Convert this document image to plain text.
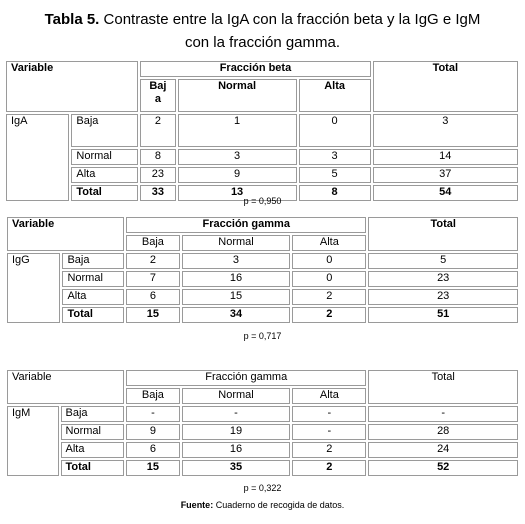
Tabla 5. Contraste entre la IgA con la fracción beta y la IgG e IgM
con la fracción gamma.
Variable		Fracción beta			Total
		Baj
a	Normal	Alta	
IgA	Baja	2	1	0	3
	Normal	8	3	3	14
	Alta	23	9	5	37
	Total	33	13	8	54
p = 0,950
Variable		Fracción gamma			Total
		Baja	Normal	Alta	
IgG	Baja	2	3	0	5
	Normal	7	16	0	23
	Alta	6	15	2	23
	Total	15	34	2	51
p = 0,717
Variable		Fracción gamma			Total
		Baja	Normal	Alta	
IgM	Baja	-	-	-	-
	Normal	9	19	-	28
	Alta	6	16	2	24
	Total	15	35	2	52
p = 0,322
Fuente: Cuaderno de recogida de datos.
